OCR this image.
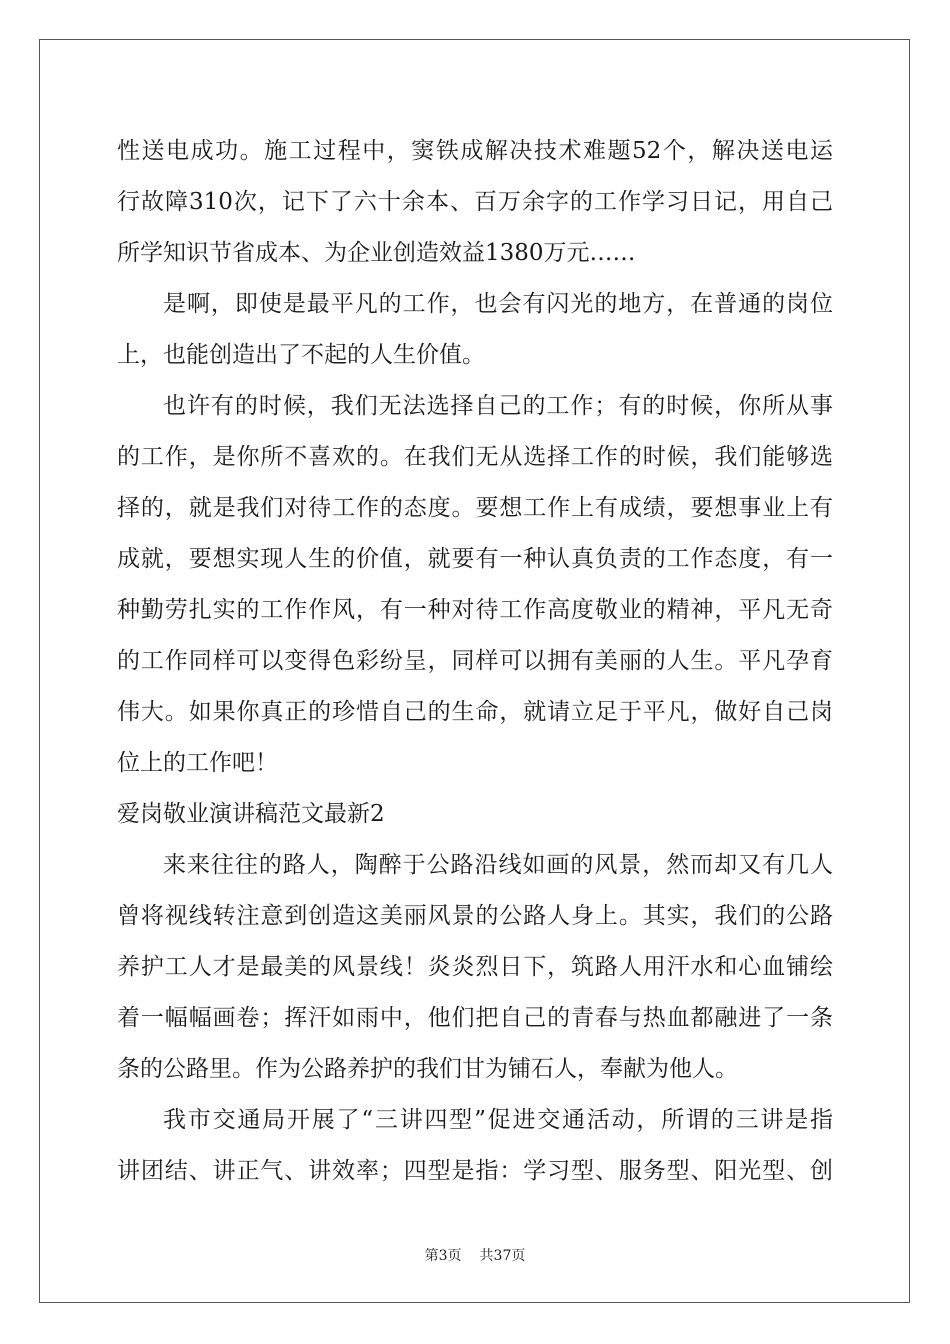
性送电成功。施工过程中，窦铁成解决技术难题52个，解决送电运
行故障310次，记下了六十余本、百万余字的工作学习日记，用自己
所学知识节省成本、为企业创造效益1380万元……
是啊，即使是最平凡的工作，也会有闪光的地方，在普通的岗位
上，也能创造出了不起的人生价值。
也许有的时候，我们无法选择自己的工作；有的时候，你所从事
的工作，是你所不喜欢的。在我们无从选择工作的时候，我们能够选
择的，就是我们对待工作的态度。要想工作上有成绩，要想事业上有
成就，要想实现人生的价值，就要有一种认真负责的工作态度，有一
种勤劳扎实的工作作风，有一种对待工作高度敬业的精神，平凡无奇
的工作同样可以变得色彩纷呈，同样可以拥有美丽的人生。平凡孕育
伟大。如果你真正的珍惜自己的生命，就请立足于平凡，做好自己岗
位上的工作吧！
爱岗敬业演讲稿范文最新2
来来往往的路人，陶醉于公路沿线如画的风景，然而却又有几人
曾将视线转注意到创造这美丽风景的公路人身上。其实，我们的公路
养护工人才是最美的风景线！炎炎烈日下，筑路人用汗水和心血铺绘
着一幅幅画卷；挥汗如雨中，他们把自己的青春与热血都融进了一条
条的公路里。作为公路养护的我们甘为铺石人，奉献为他人。
我市交通局开展了“三讲四型”促进交通活动，所谓的三讲是指
讲团结、讲正气、讲效率；四型是指：学习型、服务型、阳光型、创
第3页 共37页
